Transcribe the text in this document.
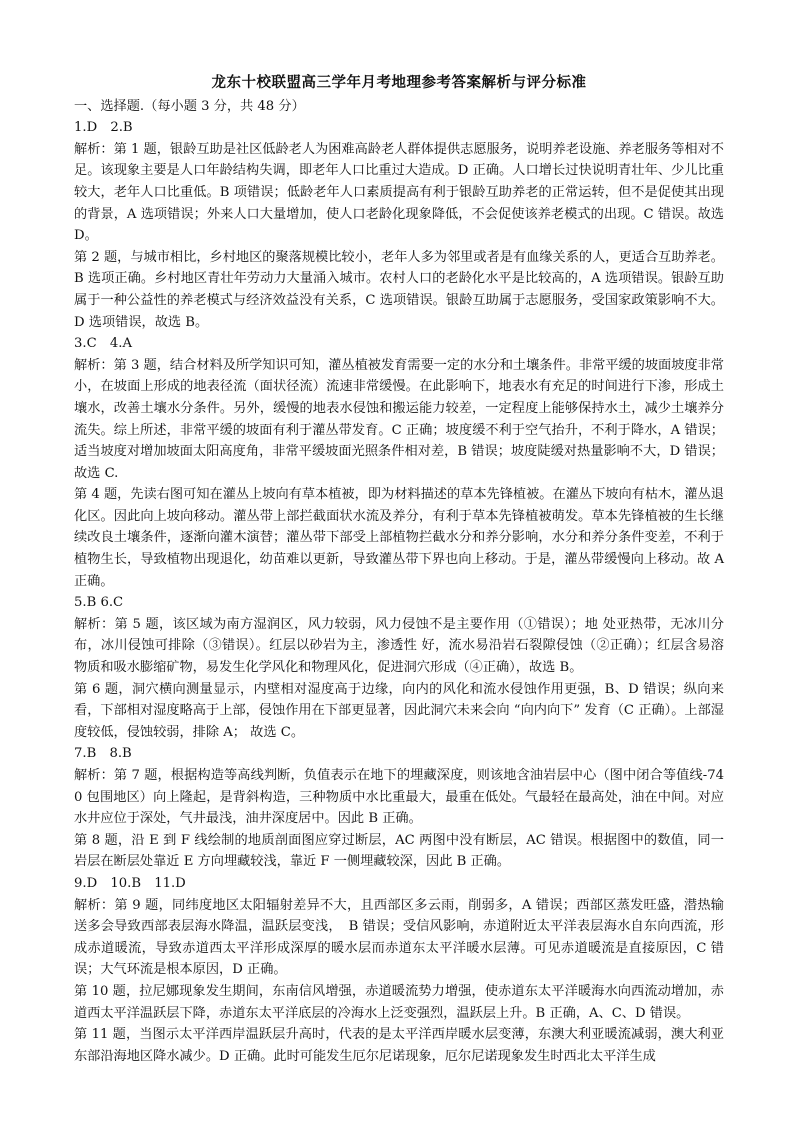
龙东十校联盟高三学年月考地理参考答案解析与评分标准

一、选择题.（每小题 3 分，共 48 分）

1.D　2.B

解析：第 1 题，银龄互助是社区低龄老人为困难高龄老人群体提供志愿服务，说明养老设施、养老服务等相对不足。该现象主要是人口年龄结构失调，即老年人口比重过大造成。D 正确。人口增长过快说明青壮年、少儿比重较大，老年人口比重低。B 项错误；低龄老年人口素质提高有利于银龄互助养老的正常运转，但不是促使其出现的背景，A 选项错误；外来人口大量增加，使人口老龄化现象降低，不会促使该养老模式的出现。C 错误。故选 D。

第 2 题，与城市相比，乡村地区的聚落规模比较小，老年人多为邻里或者是有血缘关系的人，更适合互助养老。B 选项正确。乡村地区青壮年劳动力大量涌入城市。农村人口的老龄化水平是比较高的，A 选项错误。银龄互助属于一种公益性的养老模式与经济效益没有关系，C 选项错误。银龄互助属于志愿服务，受国家政策影响不大。D 选项错误，故选 B。

3.C　4.A

解析：第 3 题，结合材料及所学知识可知，灌丛植被发育需要一定的水分和土壤条件。非常平缓的坡面坡度非常小，在坡面上形成的地表径流（面状径流）流速非常缓慢。在此影响下，地表水有充足的时间进行下渗，形成土壤水，改善土壤水分条件。另外，缓慢的地表水侵蚀和搬运能力较差，一定程度上能够保持水土，减少土壤养分流失。综上所述，非常平缓的坡面有利于灌丛带发育。C 正确；坡度缓不利于空气抬升，不利于降水，A 错误；适当坡度对增加坡面太阳高度角，非常平缓坡面光照条件相对差，B 错误；坡度陡缓对热量影响不大，D 错误；故选 C.

第 4 题，先读右图可知在灌丛上坡向有草本植被，即为材料描述的草本先锋植被。在灌丛下坡向有枯木，灌丛退化区。因此向上坡向移动。灌丛带上部拦截面状水流及养分，有利于草本先锋植被萌发。草本先锋植被的生长继续改良土壤条件，逐渐向灌木演替；灌丛带下部受上部植物拦截水分和养分影响，水分和养分条件变差，不利于植物生长，导致植物出现退化，幼苗难以更新，导致灌丛带下界也向上移动。于是，灌丛带缓慢向上移动。故 A 正确。

5.B 6.C

解析：第 5 题，该区域为南方湿润区，风力较弱，风力侵蚀不是主要作用（①错误）；地 处亚热带，无冰川分布，冰川侵蚀可排除（③错误）。红层以砂岩为主，渗透性 好，流水易沿岩石裂隙侵蚀（②正确）；红层含易溶物质和吸水膨缩矿物，易发生化学风化和物理风化，促进洞穴形成（④正确），故选 B。

第 6 题，洞穴横向测量显示，内壁相对湿度高于边缘，向内的风化和流水侵蚀作用更强，B、D 错误；纵向来看，下部相对湿度略高于上部，侵蚀作用在下部更显著，因此洞穴未来会向 “向内向下” 发育（C 正确）。上部湿度较低，侵蚀较弱，排除 A； 故选 C。

7.B　8.B

解析：第 7 题，根据构造等高线判断，负值表示在地下的埋藏深度，则该地含油岩层中心（图中闭合等值线-740 包围地区）向上隆起，是背斜构造，三种物质中水比重最大，最重在低处。气最轻在最高处，油在中间。对应水井应位于深处，气井最浅，油井深度居中。因此 B 正确。

第 8 题，沿 E 到 F 线绘制的地质剖面图应穿过断层，AC 两图中没有断层，AC 错误。根据图中的数值，同一岩层在断层处靠近 E 方向埋藏较浅，靠近 F 一侧埋藏较深，因此 B 正确。

9.D　10.B　11.D

解析：第 9 题，同纬度地区太阳辐射差异不大，且西部区多云雨，削弱多，A 错误；西部区蒸发旺盛，潜热输送多会导致西部表层海水降温，温跃层变浅，　B 错误；受信风影响，赤道附近太平洋表层海水自东向西流，形成赤道暖流，导致赤道西太平洋形成深厚的暖水层而赤道东太平洋暖水层薄。可见赤道暖流是直接原因，C 错误；大气环流是根本原因，D 正确。

第 10 题，拉尼娜现象发生期间，东南信风增强，赤道暖流势力增强，使赤道东太平洋暖海水向西流动增加，赤道西太平洋温跃层下降，赤道东太平洋底层的冷海水上泛变强烈，温跃层上升。B 正确，A、C、D 错误。

第 11 题，当图示太平洋西岸温跃层升高时，代表的是太平洋西岸暖水层变薄，东澳大利亚暖流减弱，澳大利亚东部沿海地区降水减少。D 正确。此时可能发生厄尔尼诺现象，厄尔尼诺现象发生时西北太平洋生成
